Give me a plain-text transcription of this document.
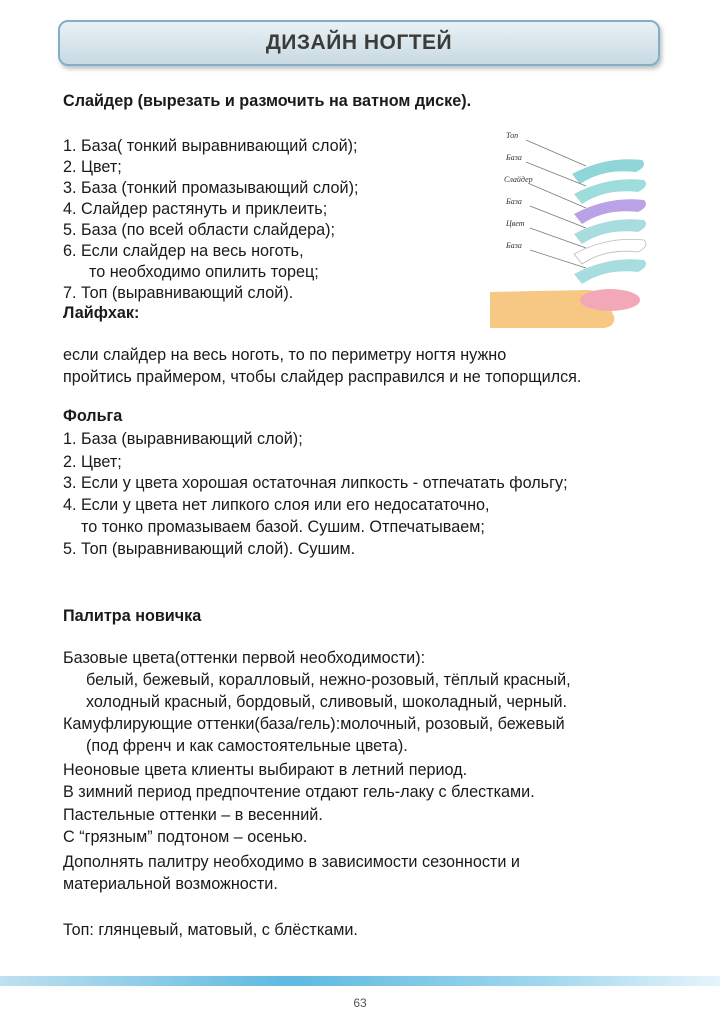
ДИЗАЙН НОГТЕЙ
Слайдер (вырезать и размочить на ватном диске).
1. База( тонкий выравнивающий слой);
2. Цвет;
3. База (тонкий промазывающий слой);
4. Слайдер растянуть и приклеить;
5. База (по всей области слайдера);
6. Если слайдер на весь ноготь,
то необходимо опилить торец;
7. Топ (выравнивающий слой).
Лайфхак:
если слайдер на весь ноготь, то по периметру ногтя нужно
пройтись праймером, чтобы слайдер расправился и не топорщился.
Фольга
1. База (выравнивающий слой);
2. Цвет;
3. Если у цвета хорошая остаточная липкость - отпечатать фольгу;
4. Если у цвета нет липкого слоя или его недосататочно,
то тонко промазываем базой. Сушим. Отпечатываем;
5. Топ (выравнивающий слой). Сушим.
Палитра новичка
Базовые цвета(оттенки первой необходимости):
белый, бежевый, коралловый, нежно-розовый, тёплый красный,
холодный красный, бордовый, сливовый, шоколадный, черный.
Камуфлирующие оттенки(база/гель):молочный, розовый, бежевый
(под френч и как самостоятельные цвета).
Неоновые цвета клиенты выбирают в летний период.
В зимний период предпочтение отдают гель-лаку с блестками.
Пастельные оттенки – в весенний.
С “грязным” подтоном – осенью.
Дополнять палитру необходимо в зависимости сезонности и
материальной возможности.
Топ: глянцевый, матовый, с блёстками.
Топ
База
Слайдер
База
Цвет
База
63
